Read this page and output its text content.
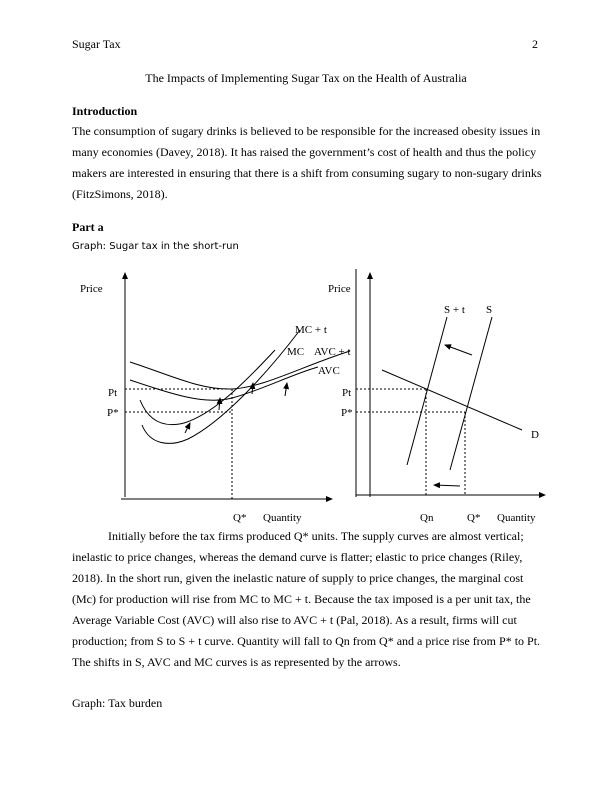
Sugar Tax	2
The Impacts of Implementing Sugar Tax on the Health of Australia
Introduction

The consumption of sugary drinks is believed to be responsible for the increased obesity issues in many economies (Davey, 2018). It has raised the government’s cost of health and thus the policy makers are interested in ensuring that there is a shift from consuming sugary to non-sugary drinks (FitzSimons, 2018).

Part a
Graph: Sugar tax in the short-run
Price
MC + t
MC AVC + t
AVC
Pt
P*
Q* Quantity
Price
S + t S
D
Pt
P*
Qn	Q* Quantity

Initially before the tax firms produced Q* units. The supply curves are almost vertical; inelastic to price changes, whereas the demand curve is flatter; elastic to price changes (Riley, 2018). In the short run, given the inelastic nature of supply to price changes, the marginal cost (Mc) for production will rise from MC to MC + t. Because the tax imposed is a per unit tax, the Average Variable Cost (AVC) will also rise to AVC + t (Pal, 2018). As a result, firms will cut production; from S to S + t curve. Quantity will fall to Qn from Q* and a price rise from P* to Pt. The shifts in S, AVC and MC curves is as represented by the arrows.

Graph: Tax burden
